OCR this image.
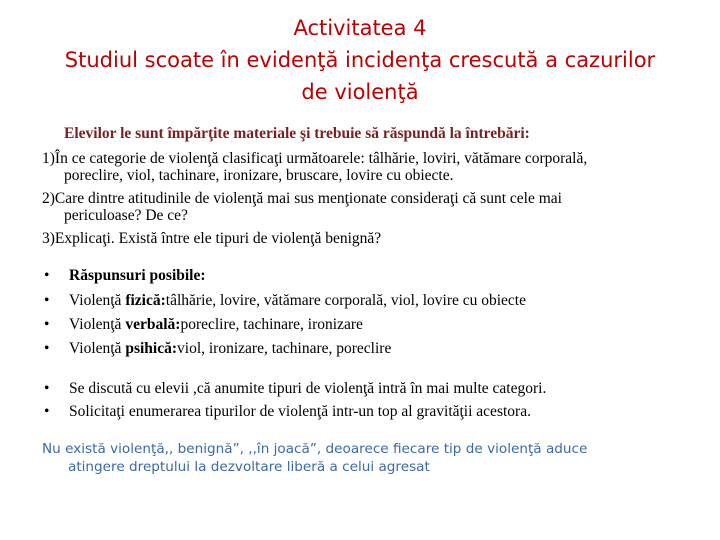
Activitatea 4
Studiul scoate în evidenţă incidenţa crescută a cazurilor
de violenţă
Elevilor le sunt împărţite materiale şi trebuie să răspundă la întrebări:
1)În ce categorie de violenţă clasificaţi următoarele: tâlhărie, loviri, vătămare corporală,
poreclire, viol, tachinare, ironizare, bruscare, lovire cu obiecte.
2)Care dintre atitudinile de violenţă mai sus menţionate consideraţi că sunt cele mai
periculoase? De ce?
3)Explicaţi. Există între ele tipuri de violenţă benignă?
• Răspunsuri posibile:
• Violenţă fizică:tâlhărie, lovire, vătămare corporală, viol, lovire cu obiecte
• Violenţă verbală:poreclire, tachinare, ironizare
• Violenţă psihică:viol, ironizare, tachinare, poreclire
• Se discută cu elevii ,că anumite tipuri de violenţă intră în mai multe categori.
• Solicitaţi enumerarea tipurilor de violenţă intr-un top al gravităţii acestora.
Nu există violenţă,, benignă”, ,,în joacă”, deoarece fiecare tip de violenţă aduce
atingere dreptului la dezvoltare liberă a celui agresat
